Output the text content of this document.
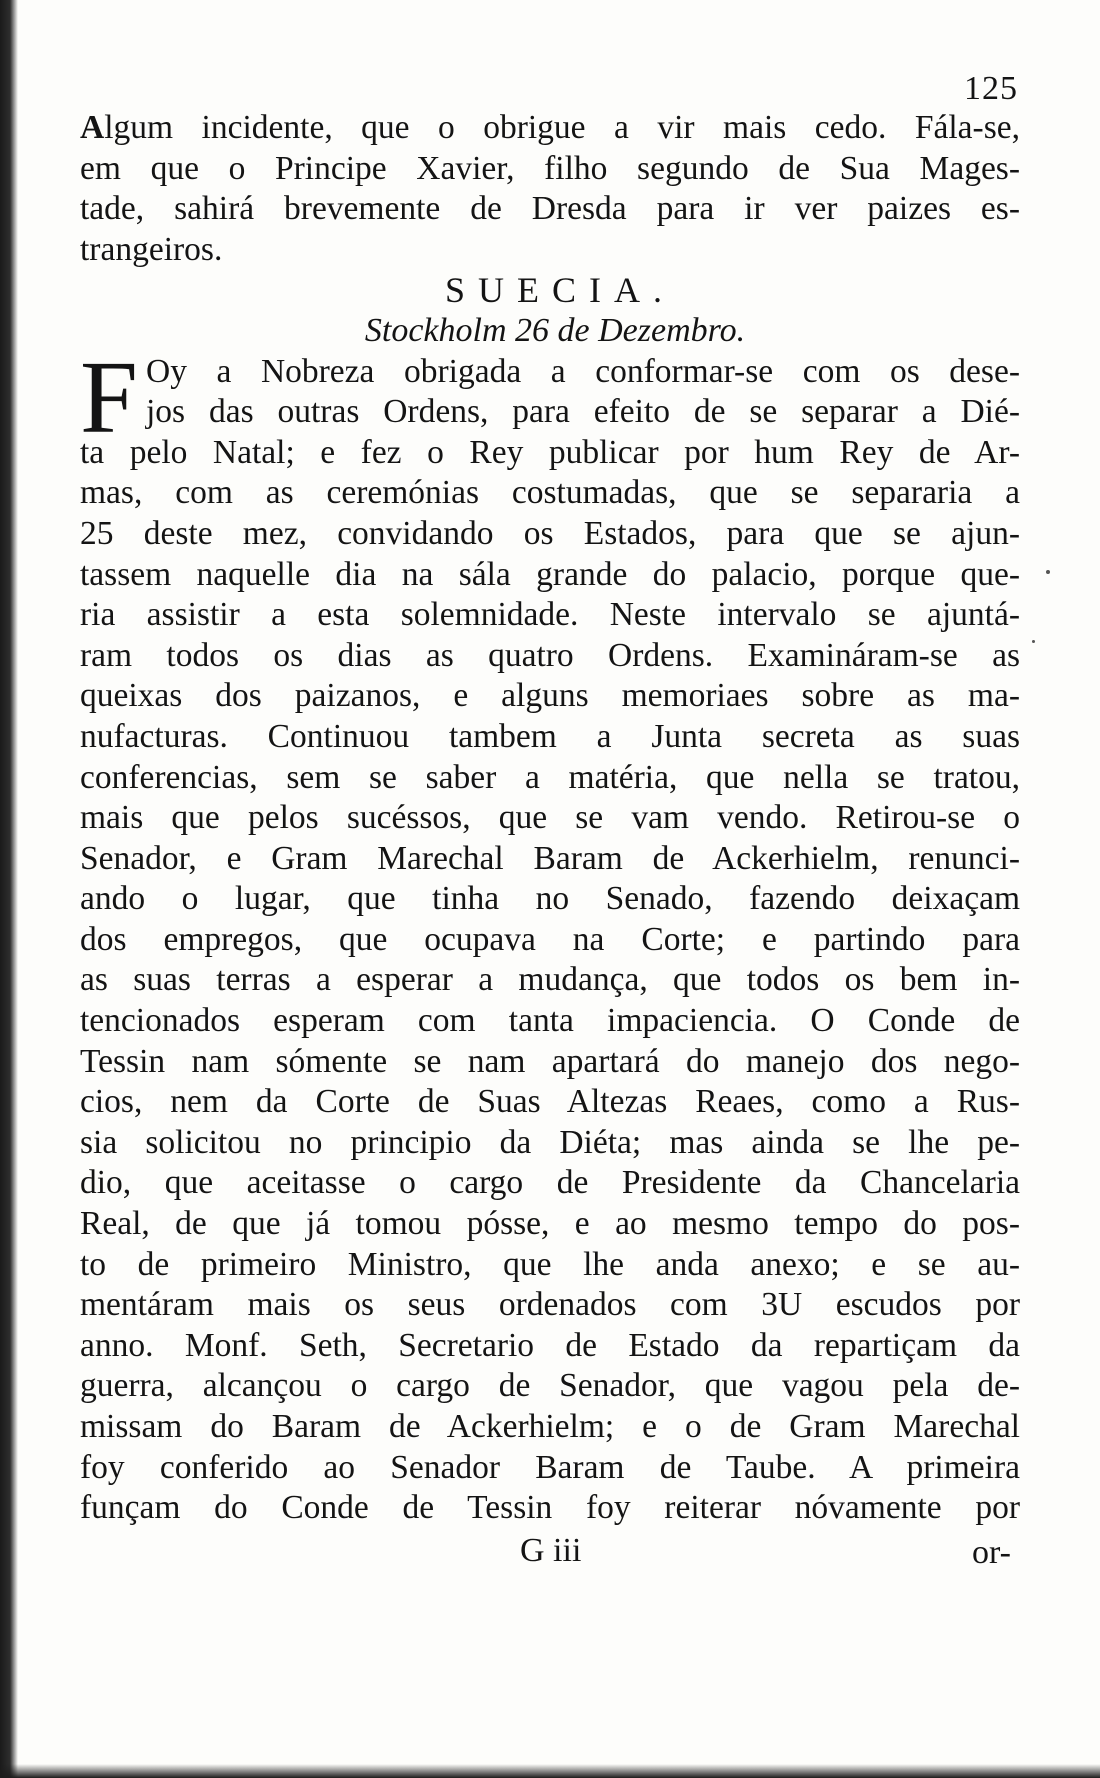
125
Algum incidente, que o obrigue a vir mais cedo. Fála-se,
em que o Principe Xavier, filho segundo de Sua Mages-
tade, sahirá brevemente de Dresda para ir ver paizes es-
trangeiros.
SUECIA.
Stockholm 26 de Dezembro.
F Oy a Nobreza obrigada a conformar-se com os dese-
jos das outras Ordens, para efeito de se separar a Dié-
ta pelo Natal; e fez o Rey publicar por hum Rey de Ar-
mas, com as ceremónias costumadas, que se separaria a
25 deste mez, convidando os Estados, para que se ajun-
tassem naquelle dia na sála grande do palacio, porque que-
ria assistir a esta solemnidade. Neste intervalo se ajuntá-
ram todos os dias as quatro Ordens. Examináram-se as
queixas dos paizanos, e alguns memoriaes sobre as ma-
nufacturas. Continuou tambem a Junta secreta as suas
conferencias, sem se saber a matéria, que nella se tratou,
mais que pelos sucéssos, que se vam vendo. Retirou-se o
Senador, e Gram Marechal Baram de Ackerhielm, renunci-
ando o lugar, que tinha no Senado, fazendo deixaçam
dos empregos, que ocupava na Corte; e partindo para
as suas terras a esperar a mudança, que todos os bem in-
tencionados esperam com tanta impaciencia. O Conde de
Tessin nam sómente se nam apartará do manejo dos nego-
cios, nem da Corte de Suas Altezas Reaes, como a Rus-
sia solicitou no principio da Diéta; mas ainda se lhe pe-
dio, que aceitasse o cargo de Presidente da Chancelaria
Real, de que já tomou pósse, e ao mesmo tempo do pos-
to de primeiro Ministro, que lhe anda anexo; e se au-
mentáram mais os seus ordenados com 3U escudos por
anno. Monf. Seth, Secretario de Estado da repartiçam da
guerra, alcançou o cargo de Senador, que vagou pela de-
missam do Baram de Ackerhielm; e o de Gram Marechal
foy conferido ao Senador Baram de Taube. A primeira
funçam do Conde de Tessin foy reiterar nóvamente por
G iii	or-
